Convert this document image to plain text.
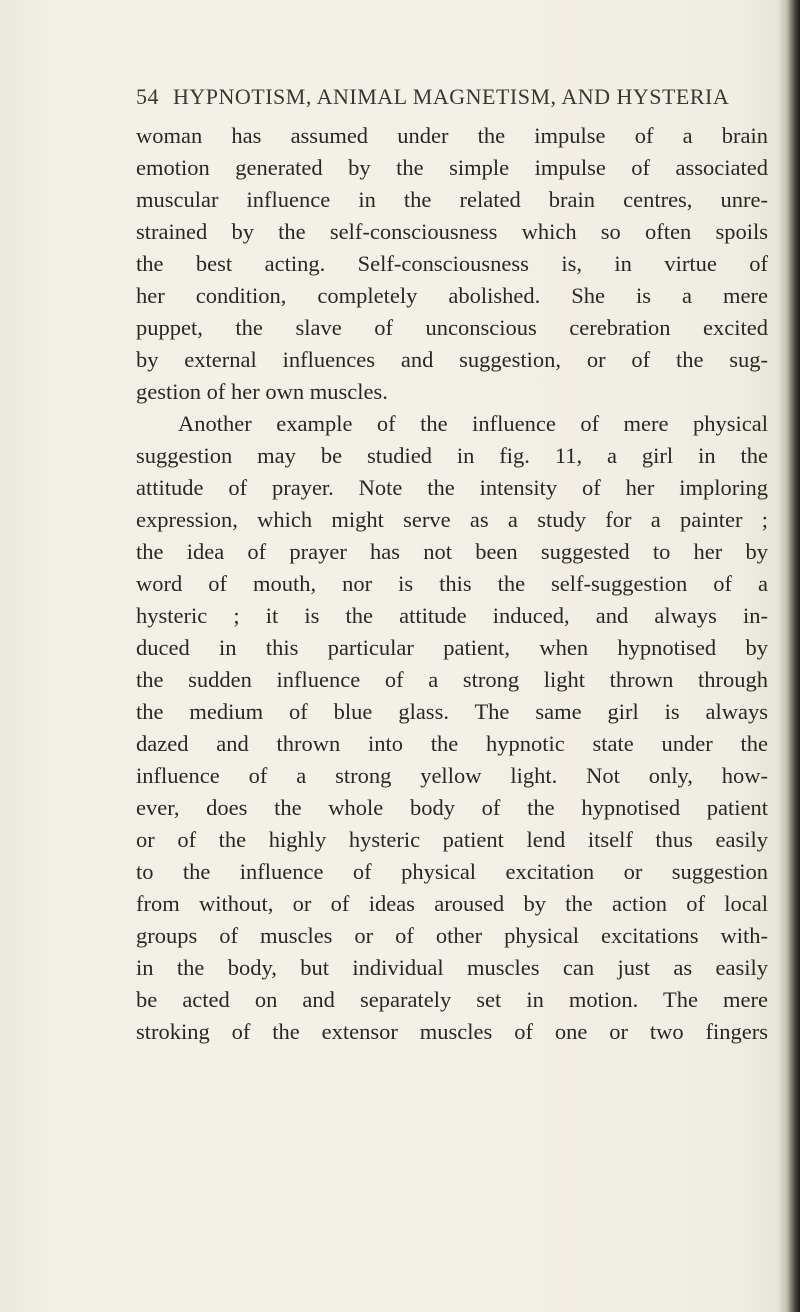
54 HYPNOTISM, ANIMAL MAGNETISM, AND HYSTERIA
woman has assumed under the impulse of a brain
emotion generated by the simple impulse of associated
muscular influence in the related brain centres, unre-
strained by the self-consciousness which so often spoils
the best acting. Self-consciousness is, in virtue of
her condition, completely abolished. She is a mere
puppet, the slave of unconscious cerebration excited
by external influences and suggestion, or of the sug-
gestion of her own muscles.
Another example of the influence of mere physical
suggestion may be studied in fig. 11, a girl in the
attitude of prayer. Note the intensity of her imploring
expression, which might serve as a study for a painter ;
the idea of prayer has not been suggested to her by
word of mouth, nor is this the self-suggestion of a
hysteric ; it is the attitude induced, and always in-
duced in this particular patient, when hypnotised by
the sudden influence of a strong light thrown through
the medium of blue glass. The same girl is always
dazed and thrown into the hypnotic state under the
influence of a strong yellow light. Not only, how-
ever, does the whole body of the hypnotised patient
or of the highly hysteric patient lend itself thus easily
to the influence of physical excitation or suggestion
from without, or of ideas aroused by the action of local
groups of muscles or of other physical excitations with-
in the body, but individual muscles can just as easily
be acted on and separately set in motion. The mere
stroking of the extensor muscles of one or two fingers
